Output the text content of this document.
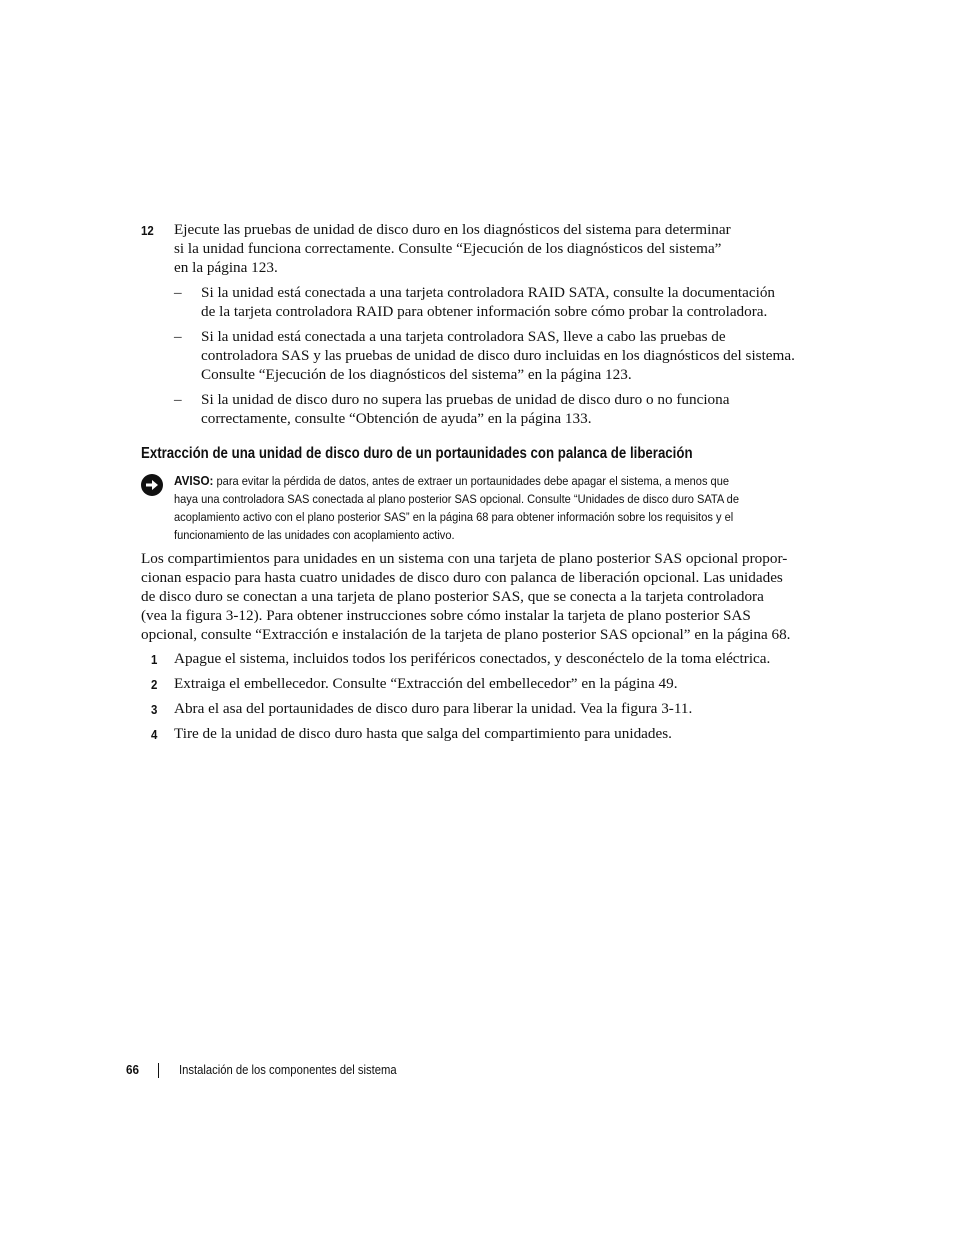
12 Ejecute las pruebas de unidad de disco duro en los diagnósticos del sistema para determinar
si la unidad funciona correctamente. Consulte “Ejecución de los diagnósticos del sistema”
en la página 123.
– Si la unidad está conectada a una tarjeta controladora RAID SATA, consulte la documentación
de la tarjeta controladora RAID para obtener información sobre cómo probar la controladora.
– Si la unidad está conectada a una tarjeta controladora SAS, lleve a cabo las pruebas de
controladora SAS y las pruebas de unidad de disco duro incluidas en los diagnósticos del sistema.
Consulte “Ejecución de los diagnósticos del sistema” en la página 123.
– Si la unidad de disco duro no supera las pruebas de unidad de disco duro o no funciona
correctamente, consulte “Obtención de ayuda” en la página 133.
Extracción de una unidad de disco duro de un portaunidades con palanca de liberación
AVISO: para evitar la pérdida de datos, antes de extraer un portaunidades debe apagar el sistema, a menos que
haya una controladora SAS conectada al plano posterior SAS opcional. Consulte “Unidades de disco duro SATA de
acoplamiento activo con el plano posterior SAS” en la página 68 para obtener información sobre los requisitos y el
funcionamiento de las unidades con acoplamiento activo.
Los compartimientos para unidades en un sistema con una tarjeta de plano posterior SAS opcional propor-
cionan espacio para hasta cuatro unidades de disco duro con palanca de liberación opcional. Las unidades
de disco duro se conectan a una tarjeta de plano posterior SAS, que se conecta a la tarjeta controladora
(vea la figura 3-12). Para obtener instrucciones sobre cómo instalar la tarjeta de plano posterior SAS
opcional, consulte “Extracción e instalación de la tarjeta de plano posterior SAS opcional” en la página 68.
1 Apague el sistema, incluidos todos los periféricos conectados, y desconéctelo de la toma eléctrica.
2 Extraiga el embellecedor. Consulte “Extracción del embellecedor” en la página 49.
3 Abra el asa del portaunidades de disco duro para liberar la unidad. Vea la figura 3-11.
4 Tire de la unidad de disco duro hasta que salga del compartimiento para unidades.
66	Instalación de los componentes del sistema
